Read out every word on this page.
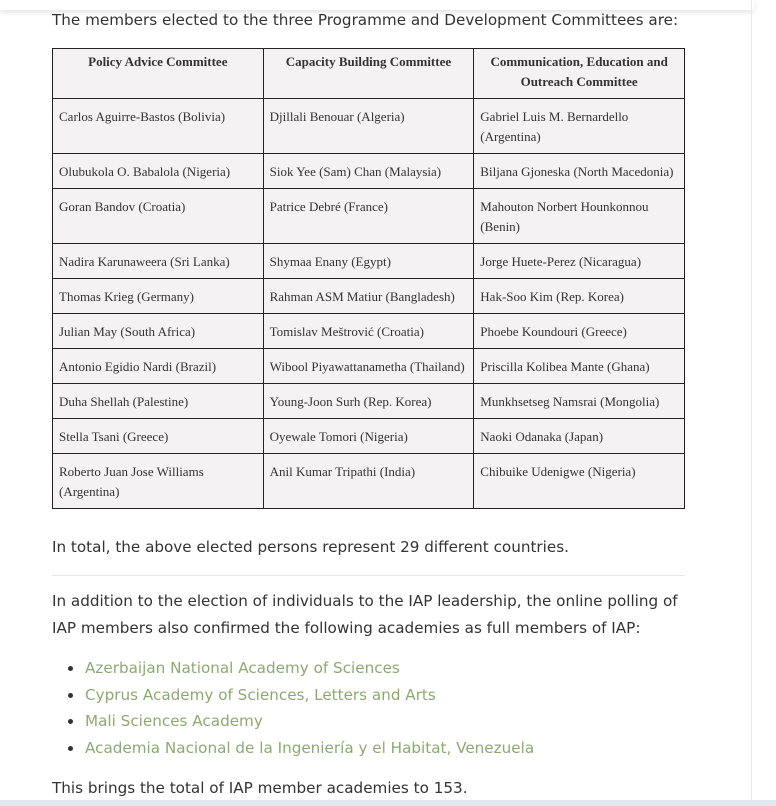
The members elected to the three Programme and Development Committees are:

Policy Advice Committee	Capacity Building Committee	Communication, Education and Outreach Committee
Carlos Aguirre-Bastos (Bolivia)	Djillali Benouar (Algeria)	Gabriel Luis M. Bernardello (Argentina)
Olubukola O. Babalola (Nigeria)	Siok Yee (Sam) Chan (Malaysia)	Biljana Gjoneska (North Macedonia)
Goran Bandov (Croatia)	Patrice Debré (France)	Mahouton Norbert Hounkonnou (Benin)
Nadira Karunaweera (Sri Lanka)	Shymaa Enany (Egypt)	Jorge Huete-Perez (Nicaragua)
Thomas Krieg (Germany)	Rahman ASM Matiur (Bangladesh)	Hak-Soo Kim (Rep. Korea)
Julian May (South Africa)	Tomislav Meštrović (Croatia)	Phoebe Koundouri (Greece)
Antonio Egidio Nardi (Brazil)	Wibool Piyawattanametha (Thailand)	Priscilla Kolibea Mante (Ghana)
Duha Shellah (Palestine)	Young-Joon Surh (Rep. Korea)	Munkhsetseg Namsrai (Mongolia)
Stella Tsani (Greece)	Oyewale Tomori (Nigeria)	Naoki Odanaka (Japan)
Roberto Juan Jose Williams (Argentina)	Anil Kumar Tripathi (India)	Chibuike Udenigwe (Nigeria)

In total, the above elected persons represent 29 different countries.

In addition to the election of individuals to the IAP leadership, the online polling of IAP members also confirmed the following academies as full members of IAP:

Azerbaijan National Academy of Sciences
Cyprus Academy of Sciences, Letters and Arts
Mali Sciences Academy
Academia Nacional de la Ingeniería y el Habitat, Venezuela

This brings the total of IAP member academies to 153.
